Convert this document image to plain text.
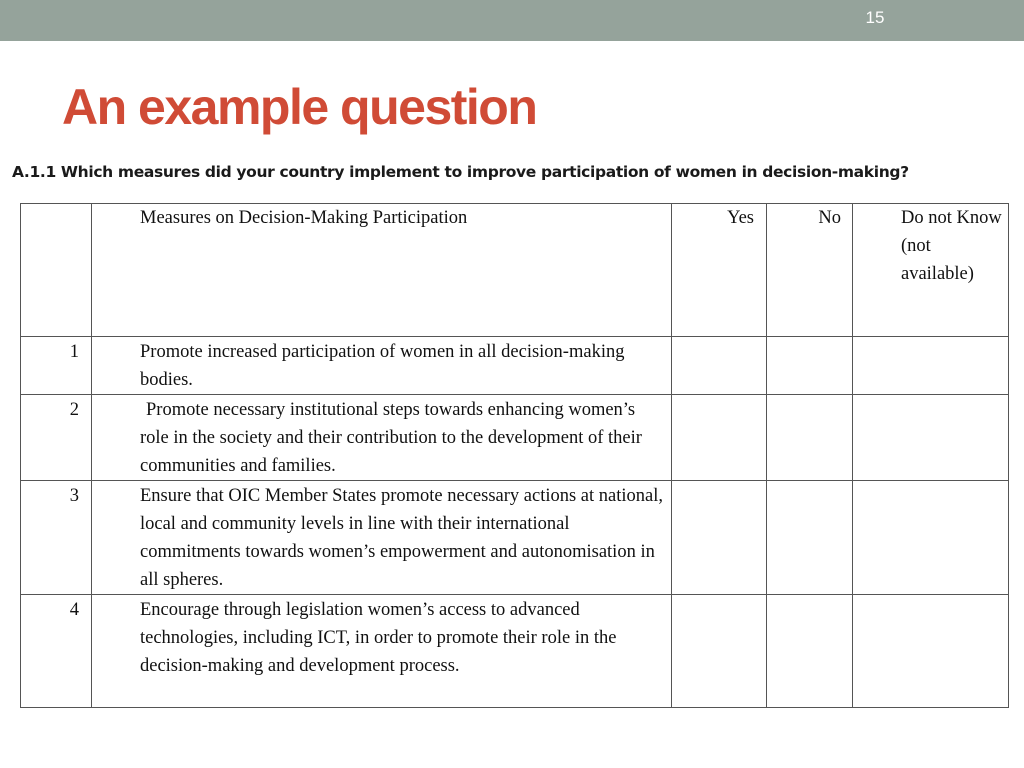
15
An example question
A.1.1 Which measures did your country implement to improve participation of women in decision-making?
	Measures on Decision-Making Participation	Yes	No	Do not Know (not available)
1	Promote increased participation of women in all decision-making bodies.			
2	Promote necessary institutional steps towards enhancing women’s role in the society and their contribution to the development of their communities and families.			
3	Ensure that OIC Member States promote necessary actions at national, local and community levels in line with their international commitments towards women’s empowerment and autonomisation in all spheres.			
4	Encourage through legislation women’s access to advanced technologies, including ICT, in order to promote their role in the decision-making and development process.			
